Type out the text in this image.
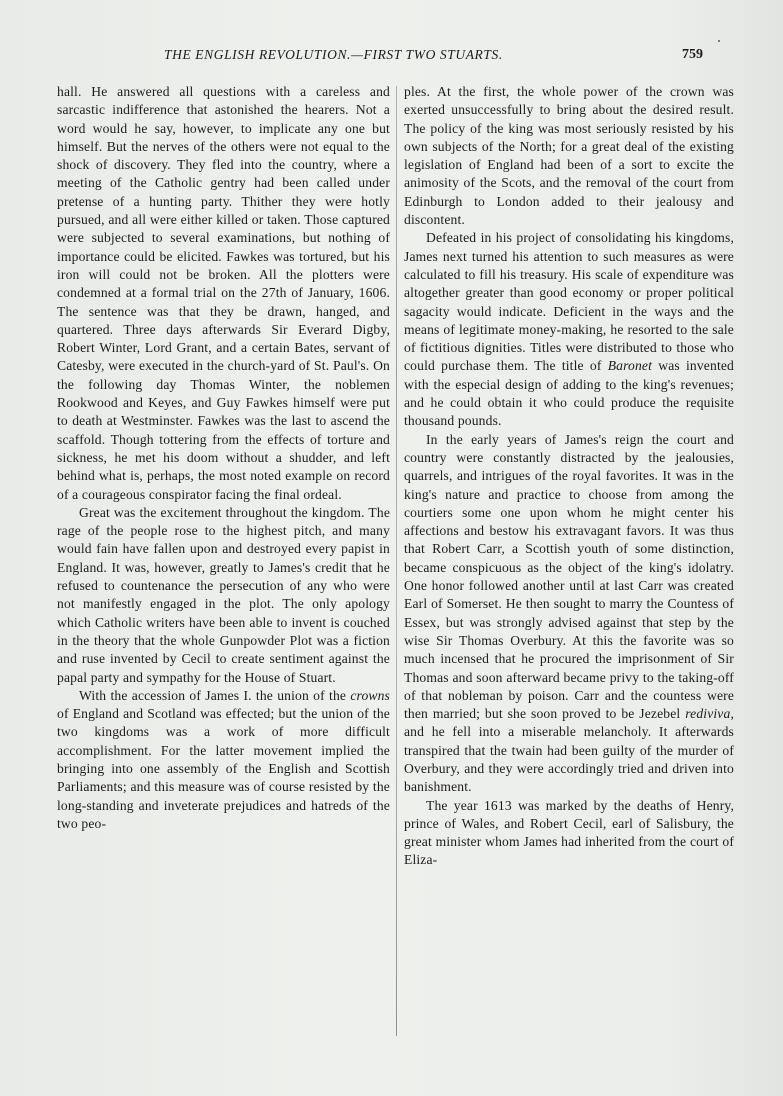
THE ENGLISH REVOLUTION.—FIRST TWO STUARTS.	759

hall. He answered all questions with a careless and sarcastic indifference that astonished the hearers. Not a word would he say, however, to implicate any one but himself. But the nerves of the others were not equal to the shock of discovery. They fled into the country, where a meeting of the Catholic gentry had been called under pretense of a hunting party. Thither they were hotly pursued, and all were either killed or taken. Those captured were subjected to several examinations, but nothing of importance could be elicited. Fawkes was tortured, but his iron will could not be broken. All the plotters were condemned at a formal trial on the 27th of January, 1606. The sentence was that they be drawn, hanged, and quartered. Three days afterwards Sir Everard Digby, Robert Winter, Lord Grant, and a certain Bates, servant of Catesby, were executed in the church-yard of St. Paul's. On the following day Thomas Winter, the noblemen Rookwood and Keyes, and Guy Fawkes himself were put to death at Westminster. Fawkes was the last to ascend the scaffold. Though tottering from the effects of torture and sickness, he met his doom without a shudder, and left behind what is, perhaps, the most noted example on record of a courageous conspirator facing the final ordeal.

Great was the excitement throughout the kingdom. The rage of the people rose to the highest pitch, and many would fain have fallen upon and destroyed every papist in England. It was, however, greatly to James's credit that he refused to countenance the persecution of any who were not manifestly engaged in the plot. The only apology which Catholic writers have been able to invent is couched in the theory that the whole Gunpowder Plot was a fiction and ruse invented by Cecil to create sentiment against the papal party and sympathy for the House of Stuart.

With the accession of James I. the union of the crowns of England and Scotland was effected; but the union of the two kingdoms was a work of more difficult accomplishment. For the latter movement implied the bringing into one assembly of the English and Scottish Parliaments; and this measure was of course resisted by the long-standing and inveterate prejudices and hatreds of the two peo-

ples. At the first, the whole power of the crown was exerted unsuccessfully to bring about the desired result. The policy of the king was most seriously resisted by his own subjects of the North; for a great deal of the existing legislation of England had been of a sort to excite the animosity of the Scots, and the removal of the court from Edinburgh to London added to their jealousy and discontent.

Defeated in his project of consolidating his kingdoms, James next turned his attention to such measures as were calculated to fill his treasury. His scale of expenditure was altogether greater than good economy or proper political sagacity would indicate. Deficient in the ways and the means of legitimate money-making, he resorted to the sale of fictitious dignities. Titles were distributed to those who could purchase them. The title of Baronet was invented with the especial design of adding to the king's revenues; and he could obtain it who could produce the requisite thousand pounds.

In the early years of James's reign the court and country were constantly distracted by the jealousies, quarrels, and intrigues of the royal favorites. It was in the king's nature and practice to choose from among the courtiers some one upon whom he might center his affections and bestow his extravagant favors. It was thus that Robert Carr, a Scottish youth of some distinction, became conspicuous as the object of the king's idolatry. One honor followed another until at last Carr was created Earl of Somerset. He then sought to marry the Countess of Essex, but was strongly advised against that step by the wise Sir Thomas Overbury. At this the favorite was so much incensed that he procured the imprisonment of Sir Thomas and soon afterward became privy to the taking-off of that nobleman by poison. Carr and the countess were then married; but she soon proved to be Jezebel rediviva, and he fell into a miserable melancholy. It afterwards transpired that the twain had been guilty of the murder of Overbury, and they were accordingly tried and driven into banishment.

The year 1613 was marked by the deaths of Henry, prince of Wales, and Robert Cecil, earl of Salisbury, the great minister whom James had inherited from the court of Eliza-
